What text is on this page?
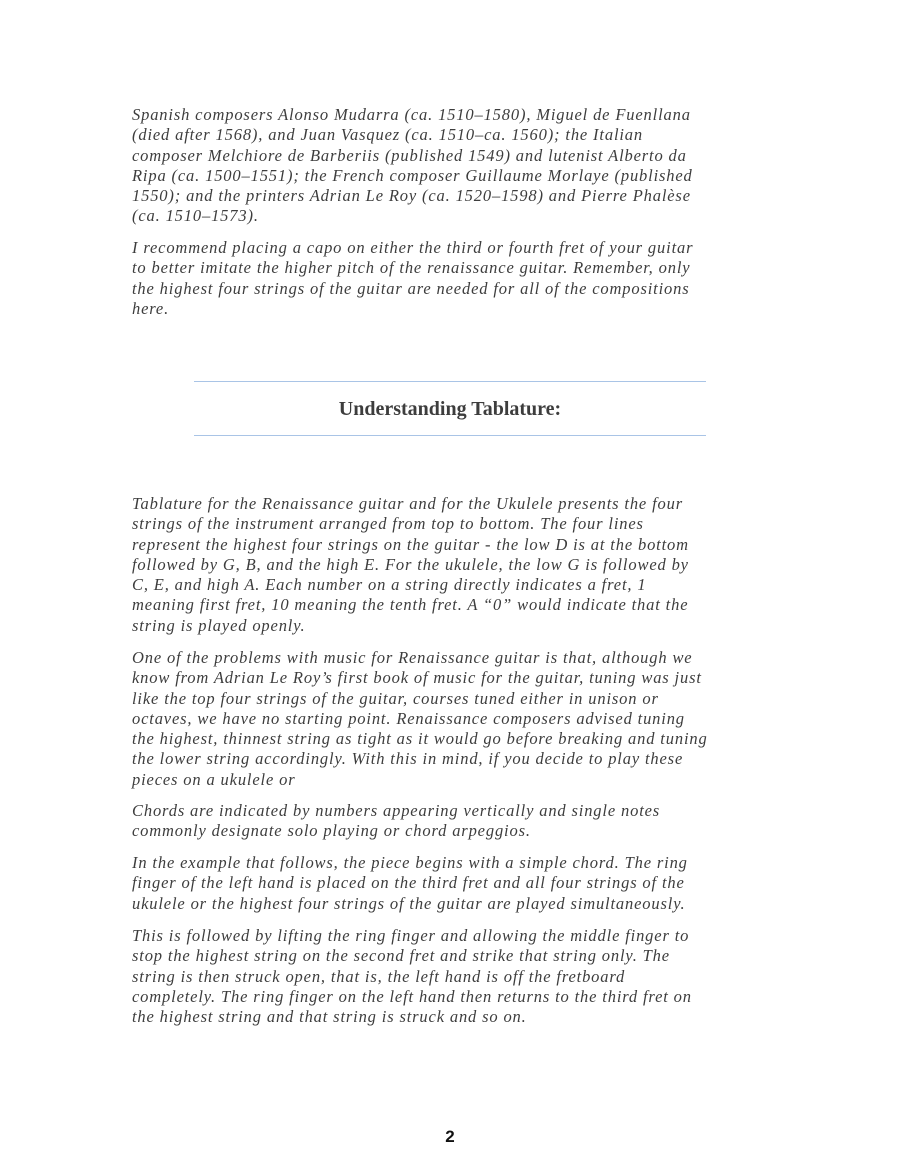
Spanish composers Alonso Mudarra (ca. 1510–1580), Miguel de Fuenllana
(died after 1568), and Juan Vasquez (ca. 1510–ca. 1560); the Italian
composer Melchiore de Barberiis (published 1549) and lutenist Alberto da
Ripa (ca. 1500–1551); the French composer Guillaume Morlaye (published
1550); and the printers Adrian Le Roy (ca. 1520–1598) and Pierre Phalèse
(ca. 1510–1573).

I recommend placing a capo on either the third or fourth fret of your guitar
to better imitate the higher pitch of the renaissance guitar. Remember, only
the highest four strings of the guitar are needed for all of the compositions
here.

Understanding Tablature:

Tablature for the Renaissance guitar and for the Ukulele presents the four
strings of the instrument arranged from top to bottom. The four lines
represent the highest four strings on the guitar - the low D is at the bottom
followed by G, B, and the high E. For the ukulele, the low G is followed by
C, E, and high A. Each number on a string directly indicates a fret, 1
meaning first fret, 10 meaning the tenth fret. A “0” would indicate that the
string is played openly.

One of the problems with music for Renaissance guitar is that, although we
know from Adrian Le Roy’s first book of music for the guitar, tuning was just
like the top four strings of the guitar, courses tuned either in unison or
octaves, we have no starting point. Renaissance composers advised tuning
the highest, thinnest string as tight as it would go before breaking and tuning
the lower string accordingly. With this in mind, if you decide to play these
pieces on a ukulele or

Chords are indicated by numbers appearing vertically and single notes
commonly designate solo playing or chord arpeggios.

In the example that follows, the piece begins with a simple chord. The ring
finger of the left hand is placed on the third fret and all four strings of the
ukulele or the highest four strings of the guitar are played simultaneously.

This is followed by lifting the ring finger and allowing the middle finger to
stop the highest string on the second fret and strike that string only. The
string is then struck open, that is, the left hand is off the fretboard
completely. The ring finger on the left hand then returns to the third fret on
the highest string and that string is struck and so on.

2
